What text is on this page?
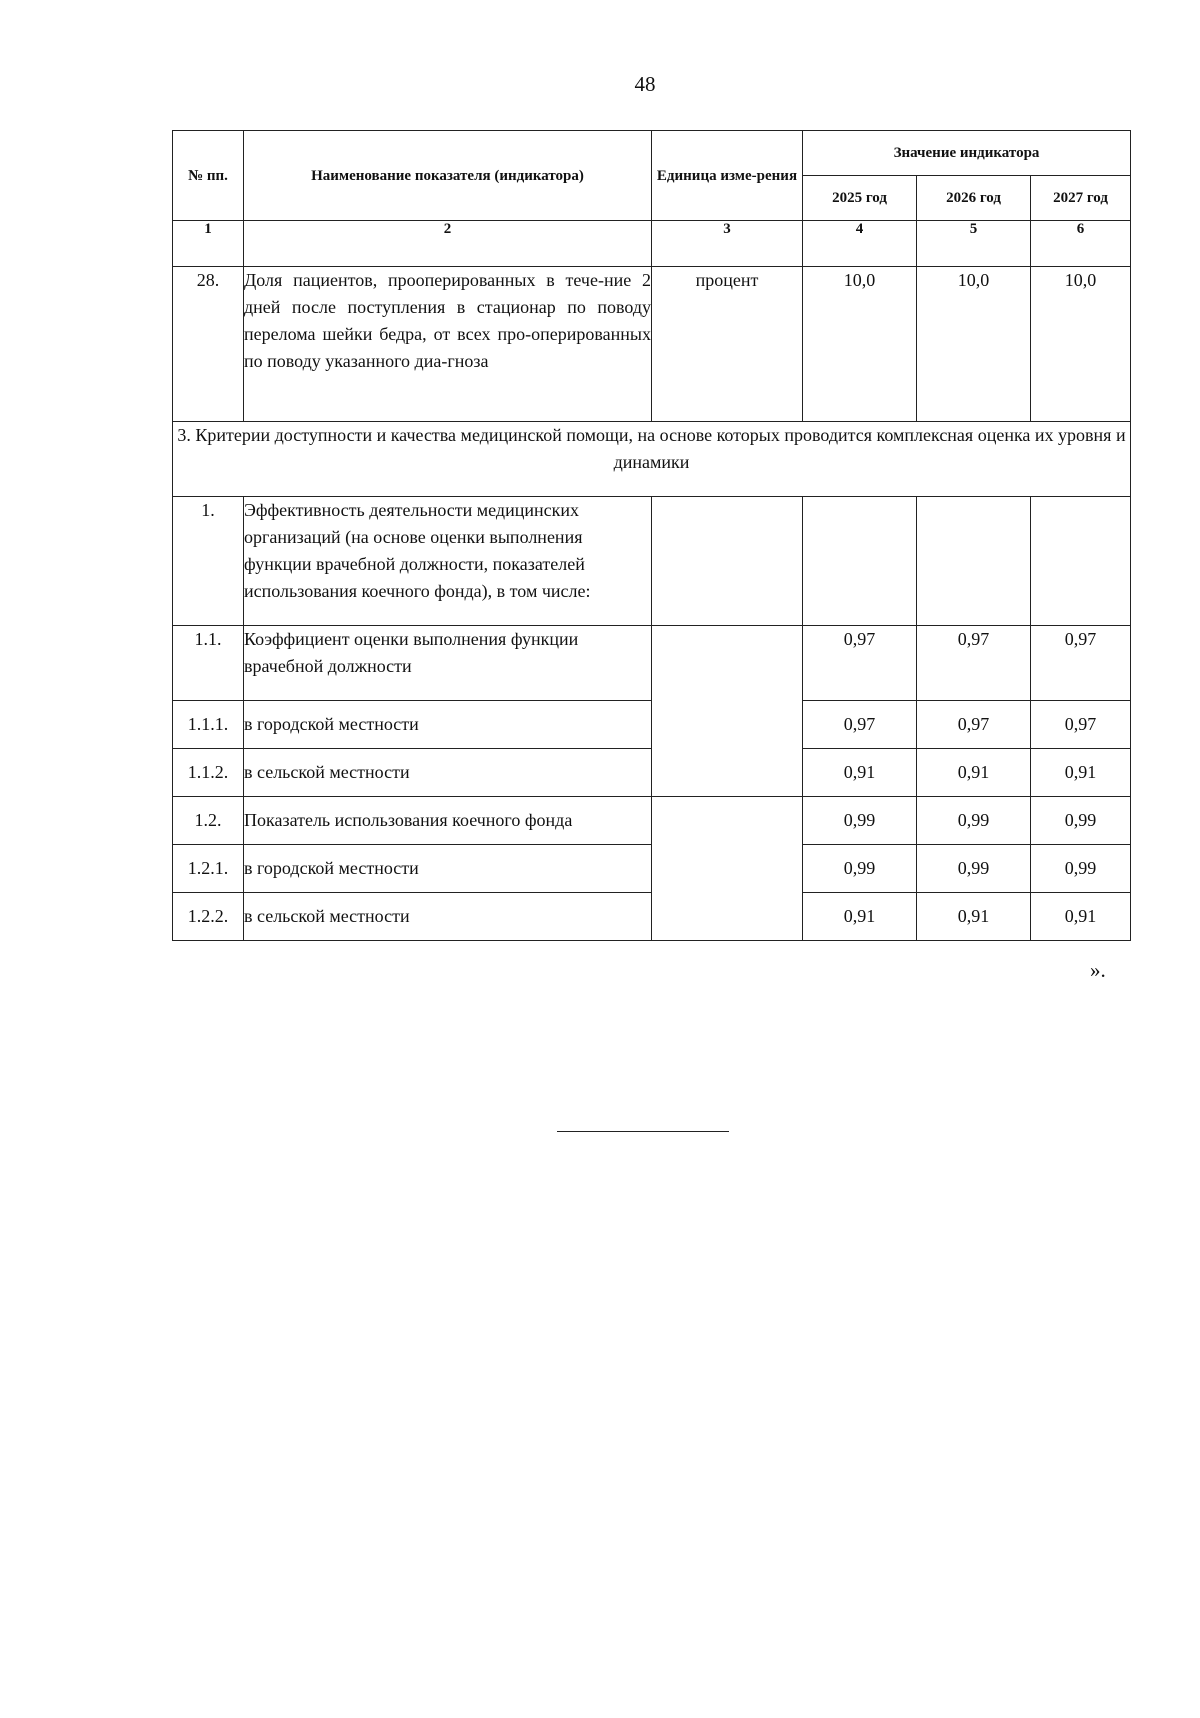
48
№ пп.	Наименование показателя (индикатора)	Единица изме-рения	Значение индикатора		
			2025 год	2026 год	2027 год
1	2	3	4	5	6
28.	Доля пациентов, прооперированных в тече-ние 2 дней после поступления в стационар по поводу перелома шейки бедра, от всех про-оперированных по поводу указанного диа-гноза	процент	10,0	10,0	10,0
3. Критерии доступности и качества медицинской помощи, на основе которых проводится комплексная оценка их уровня и динамики					
1.	Эффективность деятельности медицинских организаций (на основе оценки выполнения функции врачебной должности, показателей использования коечного фонда), в том числе:				
1.1.	Коэффициент оценки выполнения функции врачебной должности		0,97	0,97	0,97
1.1.1.	в городской местности		0,97	0,97	0,97
1.1.2.	в сельской местности		0,91	0,91	0,91
1.2.	Показатель использования коечного фонда		0,99	0,99	0,99
1.2.1.	в городской местности		0,99	0,99	0,99
1.2.2.	в сельской местности		0,91	0,91	0,91
».
